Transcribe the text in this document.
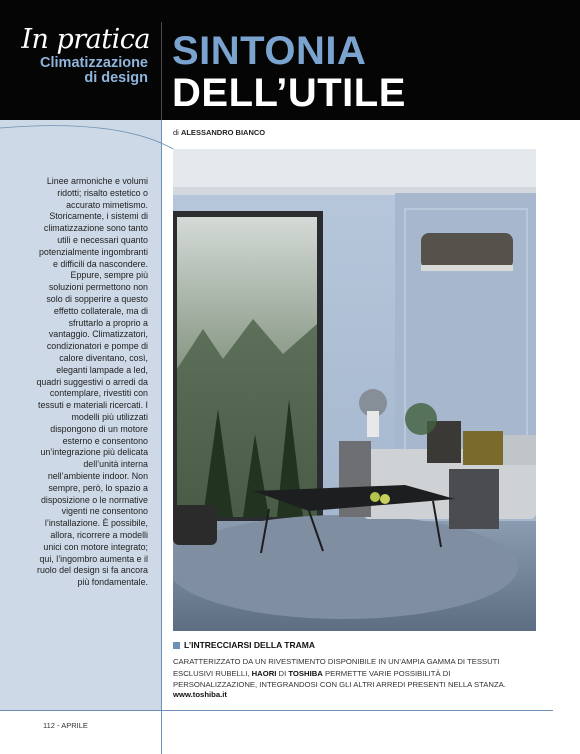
In pratica
Climatizzazione
di design
SINTONIA
DELL’UTILE
di ALESSANDRO BIANCO
Linee armoniche e volumi ridotti; risalto estetico o accurato mimetismo. Storicamente, i sistemi di climatizzazione sono tanto utili e necessari quanto potenzialmente ingombranti e difficili da nascondere. Eppure, sempre più soluzioni permettono non solo di sopperire a questo effetto collaterale, ma di sfruttarlo a proprio a vantaggio. Climatizzatori, condizionatori e pompe di calore diventano, così, eleganti lampade a led, quadri suggestivi o arredi da contemplare, rivestiti con tessuti e materiali ricercati. I modelli più utilizzati dispongono di un motore esterno e consentono un’integrazione più delicata dell’unità interna nell’ambiente indoor. Non sempre, però, lo spazio a disposizione o le normative vigenti ne consentono l’installazione. È possibile, allora, ricorrere a modelli unici con motore integrato; qui, l’ingombro aumenta e il ruolo del design si fa ancora più fondamentale.
L’INTRECCIARSI DELLA TRAMA
CARATTERIZZATO DA UN RIVESTIMENTO DISPONIBILE IN UN’AMPIA GAMMA DI TESSUTI ESCLUSIVI RUBELLI, HAORI DI TOSHIBA PERMETTE VARIE POSSIBILITÀ DI PERSONALIZZAZIONE, INTEGRANDOSI CON GLI ALTRI ARREDI PRESENTI NELLA STANZA.
www.toshiba.it
112 - APRILE
